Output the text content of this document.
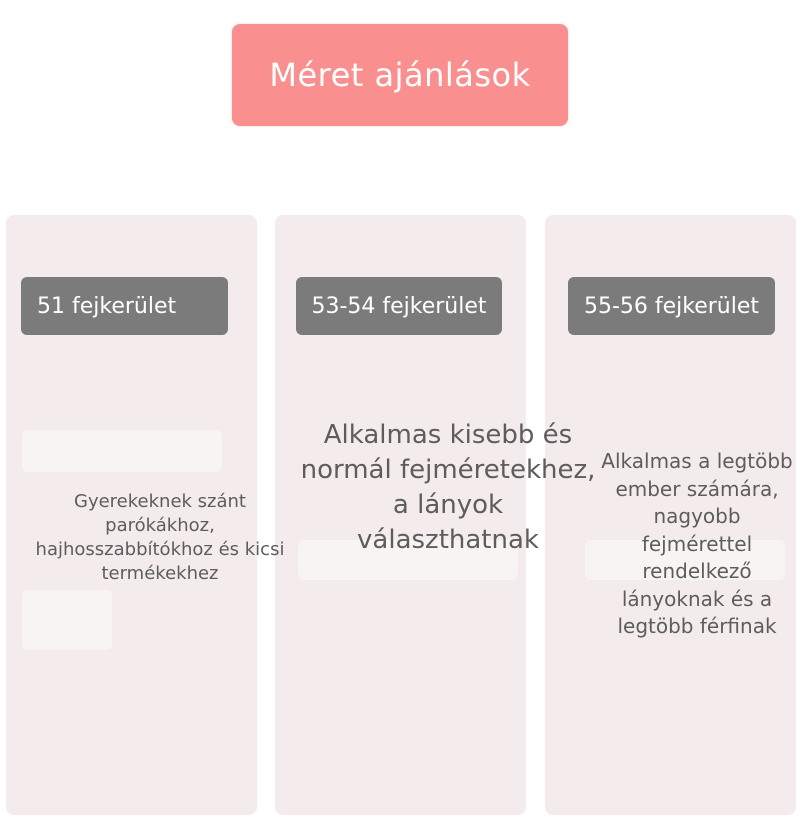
Méret ajánlások
51 fejkerület	53-54 fejkerület	55-56 fejkerület
Gyerekeknek szánt parókákhoz, hajhosszabbítókhoz és kicsi termékekhez
Alkalmas kisebb és normál fejméretekhez, a lányok választhatnak
Alkalmas a legtöbb ember számára, nagyobb fejmérettel rendelkező lányoknak és a legtöbb férfinak
